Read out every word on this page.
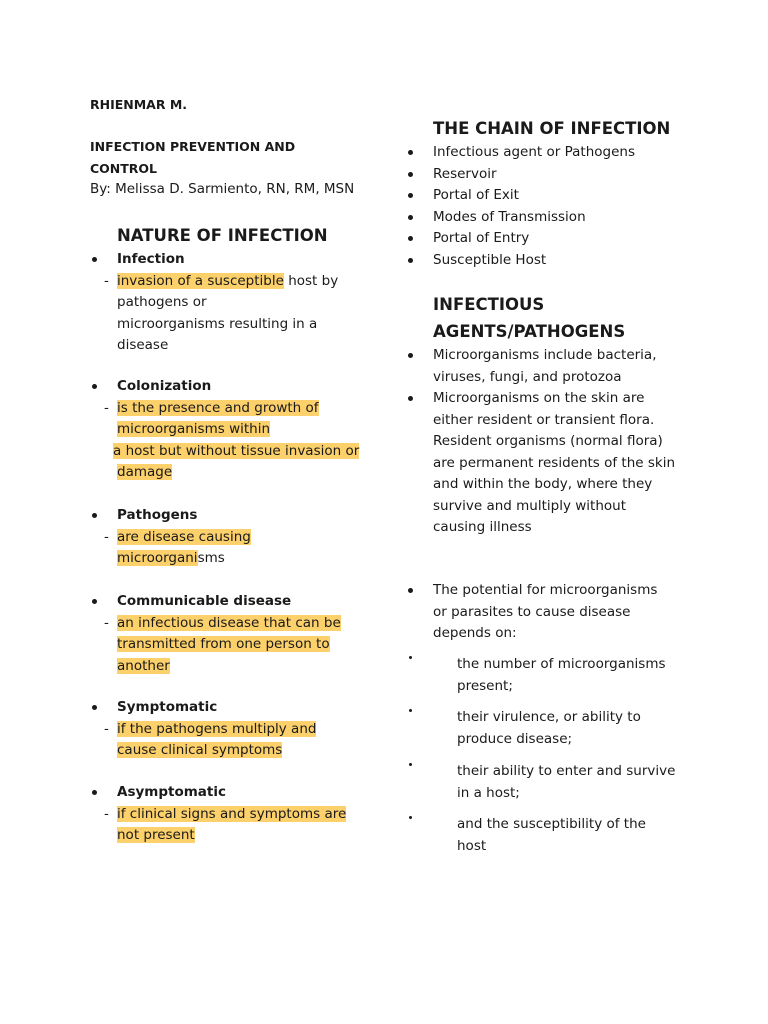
RHIENMAR M.
INFECTION PREVENTION AND
CONTROL
By: Melissa D. Sarmiento, RN, RM, MSN
NATURE OF INFECTION
Infection
- invasion of a susceptible host by
pathogens or
microorganisms resulting in a
disease
Colonization
- is the presence and growth of
microorganisms within
a host but without tissue invasion or
damage
Pathogens
- are disease causing
microorganisms
Communicable disease
- an infectious disease that can be
transmitted from one person to
another
Symptomatic
- if the pathogens multiply and
cause clinical symptoms
Asymptomatic
- if clinical signs and symptoms are
not present
THE CHAIN OF INFECTION
Infectious agent or Pathogens
Reservoir
Portal of Exit
Modes of Transmission
Portal of Entry
Susceptible Host
INFECTIOUS
AGENTS/PATHOGENS
Microorganisms include bacteria, viruses, fungi, and protozoa
Microorganisms on the skin are either resident or transient flora. Resident organisms (normal flora) are permanent residents of the skin and within the body, where they survive and multiply without causing illness
The potential for microorganisms or parasites to cause disease depends on:
the number of microorganisms present;
their virulence, or ability to produce disease;
their ability to enter and survive in a host;
and the susceptibility of the host
